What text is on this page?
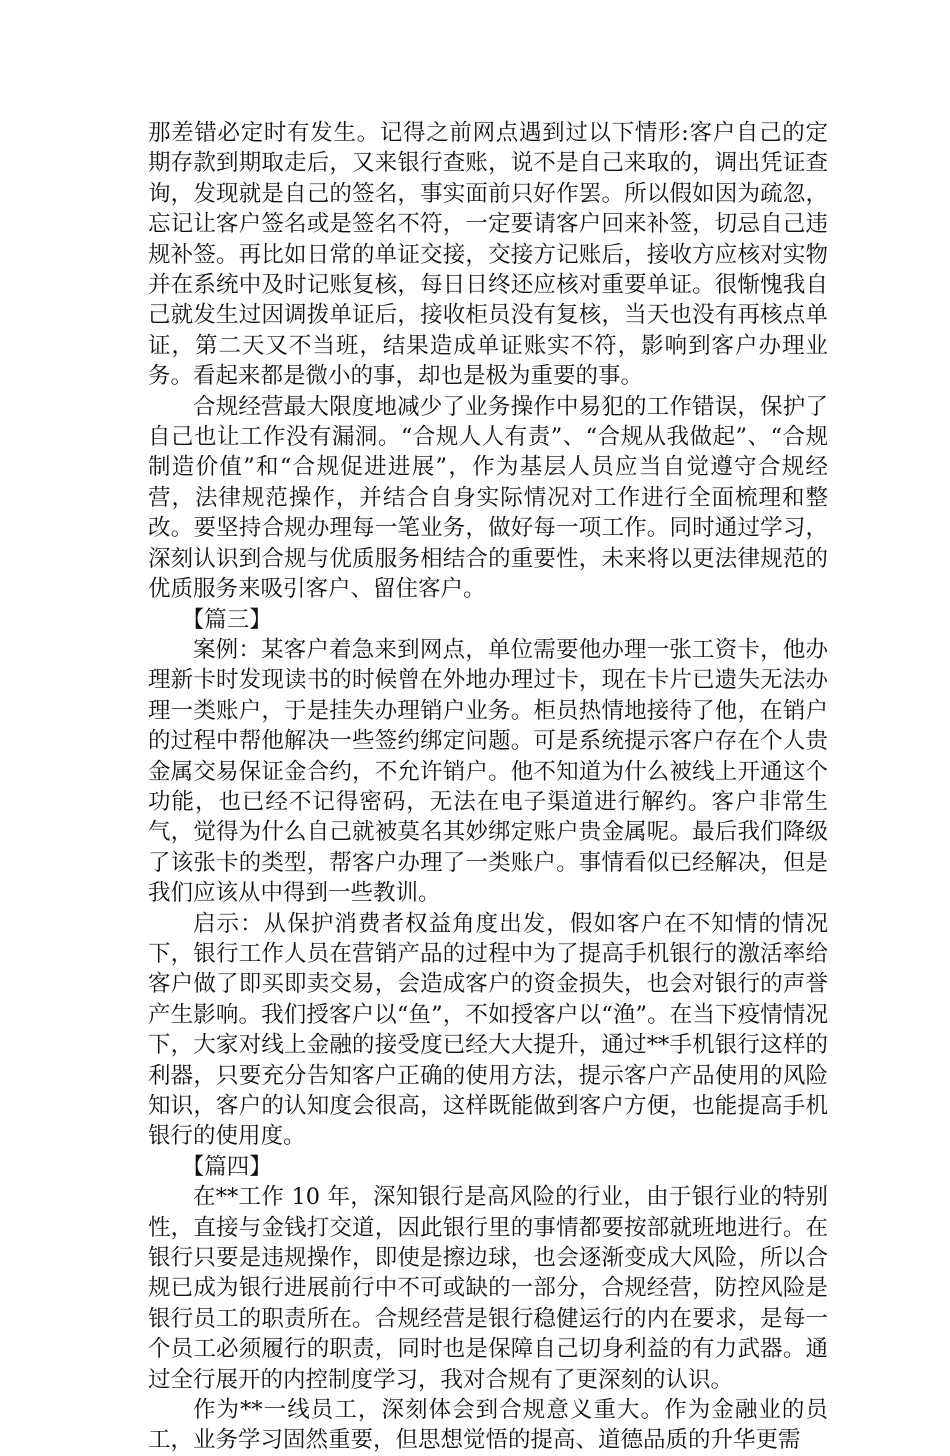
那差错必定时有发生。记得之前网点遇到过以下情形:客户自己的定期存款到期取走后，又来银行查账，说不是自己来取的，调出凭证查询，发现就是自己的签名，事实面前只好作罢。所以假如因为疏忽，忘记让客户签名或是签名不符，一定要请客户回来补签，切忌自己违规补签。再比如日常的单证交接，交接方记账后，接收方应核对实物并在系统中及时记账复核，每日日终还应核对重要单证。很惭愧我自己就发生过因调拨单证后，接收柜员没有复核，当天也没有再核点单证，第二天又不当班，结果造成单证账实不符，影响到客户办理业务。看起来都是微小的事，却也是极为重要的事。

合规经营最大限度地减少了业务操作中易犯的工作错误，保护了自己也让工作没有漏洞。“合规人人有责”、“合规从我做起”、“合规制造价值”和“合规促进进展”，作为基层人员应当自觉遵守合规经营，法律规范操作，并结合自身实际情况对工作进行全面梳理和整改。要坚持合规办理每一笔业务，做好每一项工作。同时通过学习，深刻认识到合规与优质服务相结合的重要性，未来将以更法律规范的优质服务来吸引客户、留住客户。

【篇三】

案例：某客户着急来到网点，单位需要他办理一张工资卡，他办理新卡时发现读书的时候曾在外地办理过卡，现在卡片已遗失无法办理一类账户，于是挂失办理销户业务。柜员热情地接待了他，在销户的过程中帮他解决一些签约绑定问题。可是系统提示客户存在个人贵金属交易保证金合约，不允许销户。他不知道为什么被线上开通这个功能，也已经不记得密码，无法在电子渠道进行解约。客户非常生气，觉得为什么自己就被莫名其妙绑定账户贵金属呢。最后我们降级了该张卡的类型，帮客户办理了一类账户。事情看似已经解决，但是我们应该从中得到一些教训。

启示：从保护消费者权益角度出发，假如客户在不知情的情况下，银行工作人员在营销产品的过程中为了提高手机银行的激活率给客户做了即买即卖交易，会造成客户的资金损失，也会对银行的声誉产生影响。我们授客户以“鱼”，不如授客户以“渔”。在当下疫情情况下，大家对线上金融的接受度已经大大提升，通过**手机银行这样的利器，只要充分告知客户正确的使用方法，提示客户产品使用的风险知识，客户的认知度会很高，这样既能做到客户方便，也能提高手机银行的使用度。

【篇四】

在**工作 10 年，深知银行是高风险的行业，由于银行业的特别性，直接与金钱打交道，因此银行里的事情都要按部就班地进行。在银行只要是违规操作，即使是擦边球，也会逐渐变成大风险，所以合规已成为银行进展前行中不可或缺的一部分，合规经营，防控风险是银行员工的职责所在。合规经营是银行稳健运行的内在要求，是每一个员工必须履行的职责，同时也是保障自己切身利益的有力武器。通过全行展开的内控制度学习，我对合规有了更深刻的认识。

作为**一线员工，深刻体会到合规意义重大。作为金融业的员工，业务学习固然重要，但思想觉悟的提高、道德品质的升华更需
